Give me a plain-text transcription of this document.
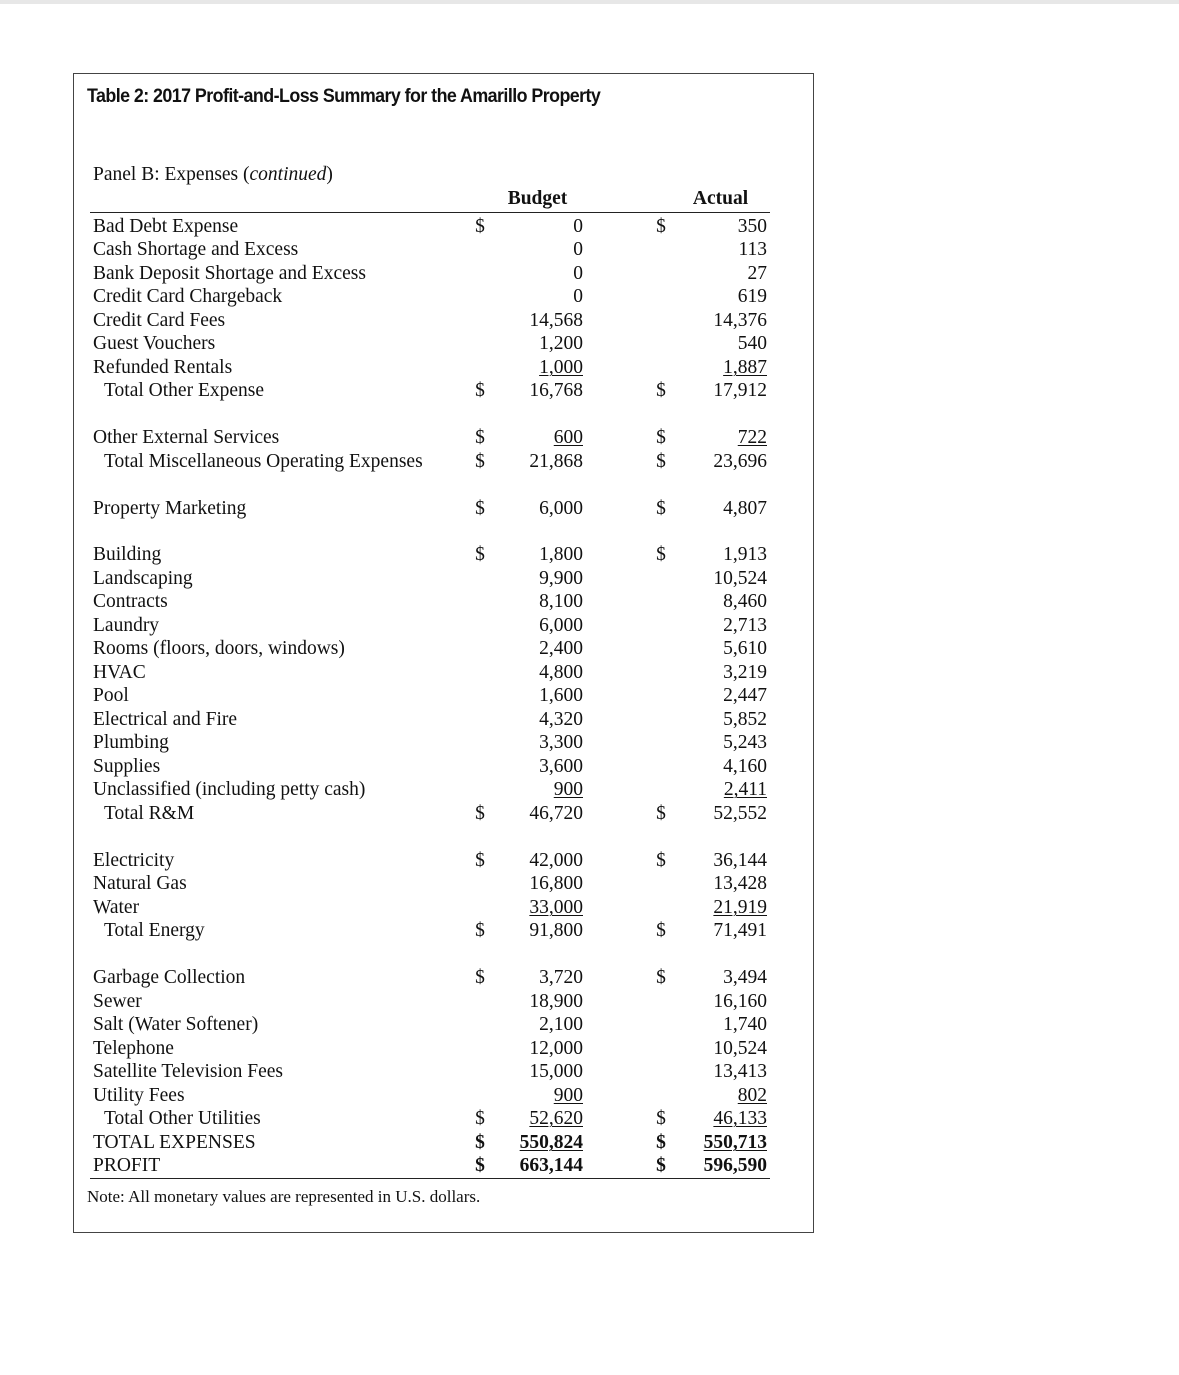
Table 2: 2017 Profit-and-Loss Summary for the Amarillo Property
Panel B: Expenses (continued)
Budget	Actual
Bad Debt Expense	$	0	$	350
Cash Shortage and Excess	0	113
Bank Deposit Shortage and Excess	0	27
Credit Card Chargeback	0	619
Credit Card Fees	14,568	14,376
Guest Vouchers	1,200	540
Refunded Rentals	1,000	1,887
Total Other Expense	$ 16,768	$ 17,912
Other External Services	$	600	$	722
Total Miscellaneous Operating Expenses	$ 21,868	$ 23,696
Property Marketing	$	6,000	$	4,807
Building	$	1,800	$	1,913
Landscaping	9,900	10,524
Contracts	8,100	8,460
Laundry	6,000	2,713
Rooms (floors, doors, windows)	2,400	5,610
HVAC	4,800	3,219
Pool	1,600	2,447
Electrical and Fire	4,320	5,852
Plumbing	3,300	5,243
Supplies	3,600	4,160
Unclassified (including petty cash)	900	2,411
Total R&M	$ 46,720	$ 52,552
Electricity	$ 42,000	$ 36,144
Natural Gas	16,800	13,428
Water	33,000	21,919
Total Energy	$ 91,800	$ 71,491
Garbage Collection	$	3,720	$	3,494
Sewer	18,900	16,160
Salt (Water Softener)	2,100	1,740
Telephone	12,000	10,524
Satellite Television Fees	15,000	13,413
Utility Fees	900	802
Total Other Utilities	$ 52,620	$ 46,133
TOTAL EXPENSES	$ 550,824	$ 550,713
PROFIT	$ 663,144	$ 596,590
Note: All monetary values are represented in U.S. dollars.
